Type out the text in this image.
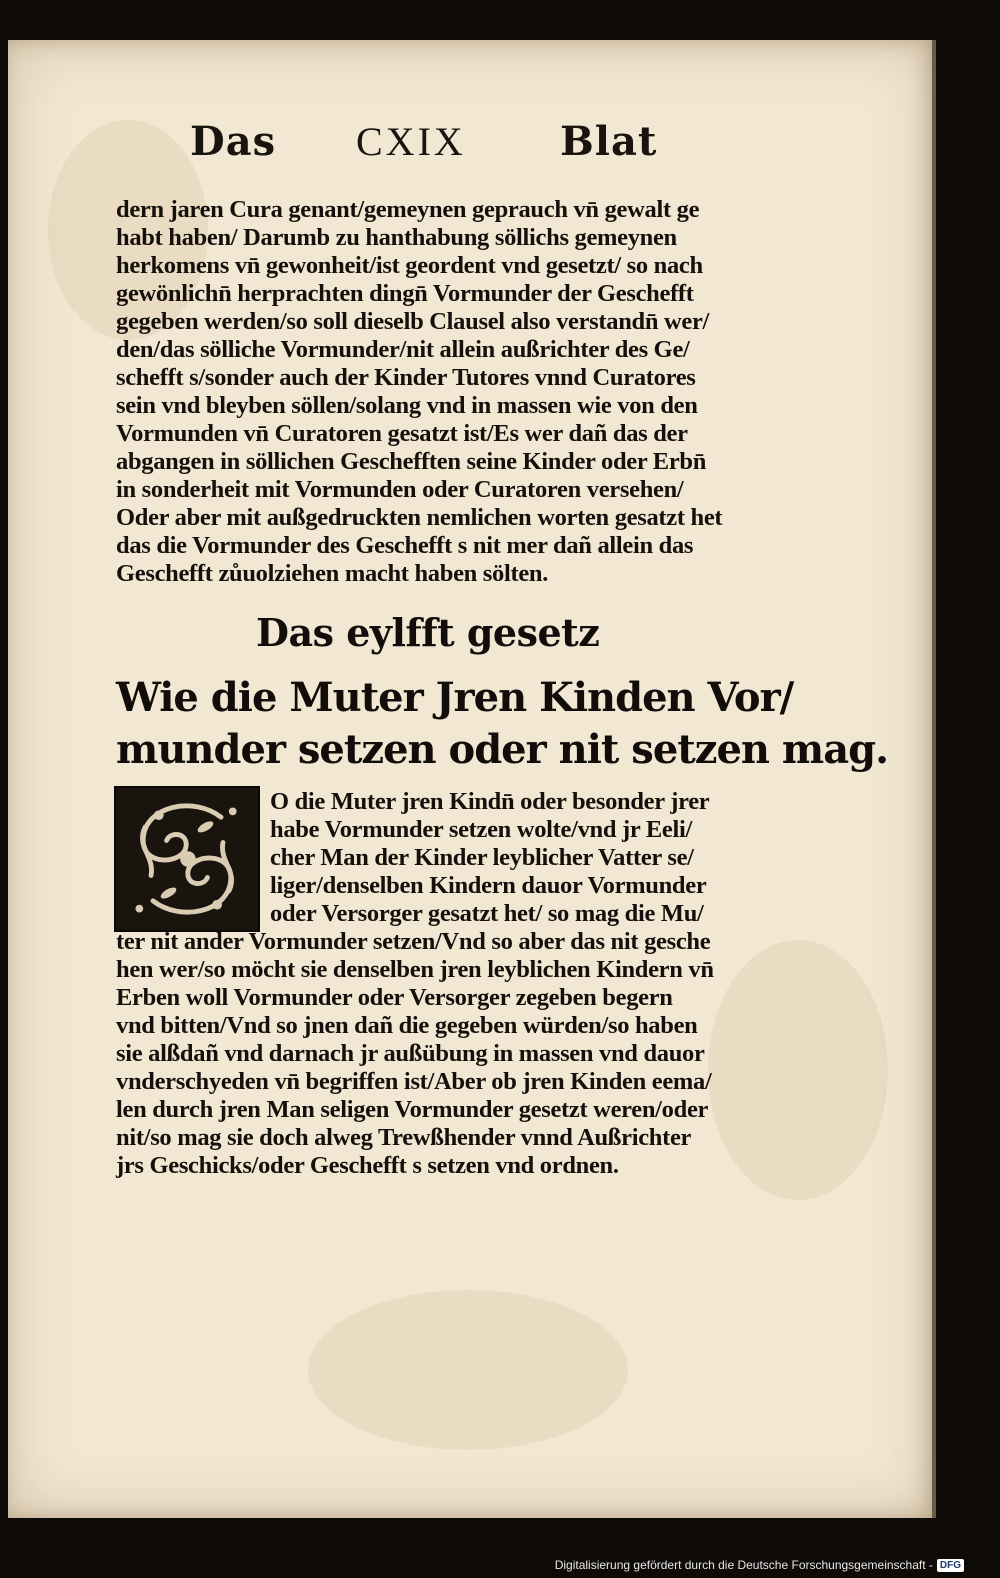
Das CXIX Blat
dern jaren Cura genant/gemeynen geprauch vn̄ gewalt ge
habt haben/ Darumb zu hanthabung söllichs gemeynen
herkomens vn̄ gewonheit/ist geordent vnd gesetzt/ so nach
gewönlichn̄ herprachten dingn̄ Vormunder der Geschefft
gegeben werden/so soll dieselb Clausel also verstandn̄ wer/
den/das sölliche Vormunder/nit allein außrichter des Ge/
schefft s/sonder auch der Kinder Tutores vnnd Curatores
sein vnd bleyben söllen/solang vnd in massen wie von den
Vormunden vn̄ Curatoren gesatzt ist/Es wer dañ das der
abgangen in söllichen Geschefften seine Kinder oder Erbn̄
in sonderheit mit Vormunden oder Curatoren versehen/
Oder aber mit außgedruckten nemlichen worten gesatzt het
das die Vormunder des Geschefft s nit mer dañ allein das
Geschefft zůuolziehen macht haben sölten.
Das eylfft gesetz
Wie die Muter Jren Kinden Vor/
munder setzen oder nit setzen mag.
O die Muter jren Kindn̄ oder besonder jrer
habe Vormunder setzen wolte/vnd jr Eeli/
cher Man der Kinder leyblicher Vatter se/
liger/denselben Kindern dauor Vormunder
oder Versorger gesatzt het/ so mag die Mu/
ter nit ander Vormunder setzen/Vnd so aber das nit gesche
hen wer/so möcht sie denselben jren leyblichen Kindern vn̄
Erben woll Vormunder oder Versorger zegeben begern
vnd bitten/Vnd so jnen dañ die gegeben würden/so haben
sie alßdañ vnd darnach jr außübung in massen vnd dauor
vnderschyeden vn̄ begriffen ist/Aber ob jren Kinden eema/
len durch jren Man seligen Vormunder gesetzt weren/oder
nit/so mag sie doch alweg Trewßhender vnnd Außrichter
jrs Geschicks/oder Geschefft s setzen vnd ordnen.
Digitalisierung gefördert durch die Deutsche Forschungsgemeinschaft - DFG
